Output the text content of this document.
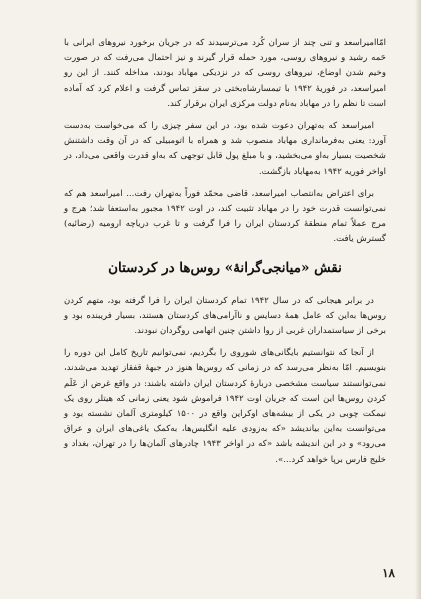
امّاامیراسعد و تنی چند از سران کُرد می‌ترسیدند که در جریان برخورد نیروهای ایرانی با حَمه رشید و نیروهای روسی، مورد حمله قرار گیرند و نیز احتمال می‌رفت که در صورت وخیم شدن اوضاع، نیروهای روسی که در نزدیکی مهاباد بودند، مداخله کنند. از این رو امیراسعد، در فوریهٔ ۱۹۴۲ با تیمسارشاه‌بختی در سقز تماس گرفت و اعلام کرد که آماده است تا نظم را در مهاباد به‌نام دولت مرکزی ایران برقرار کند.

امیراسعد که به‌تهران دعوت شده بود، در این سفر چیزی را که می‌خواست به‌دست آورد: یعنی به‌فرمانداری مهاباد منصوب شد و همراه با اتومبیلی که در آن وقت داشتنش شخصیت بسیار به‌او می‌بخشید، و با مبلغ پول قابل توجهی که به‌او قدرت واقعی می‌داد، در اواخر فوریه ۱۹۴۲ به‌مهاباد بازگشت.

برای اعتراض به‌انتصاب امیراسعد، قاضی محمّد فوراً به‌تهران رفت... امیراسعد هم که نمی‌توانست قدرت خود را در مهاباد تثبیت کند، در اوت ۱۹۴۲ مجبور به‌استعفا شد؛ هرج و مرج عملاً تمام منطقهٔ کردستان ایران را فرا گرفت و تا غرب دریاچه ارومیه (رضائیه) گسترش یافت.

نقش «میانجی‌گرانهٔ» روس‌ها در کردستان

در برابر هیجانی که در سال ۱۹۴۲ تمام کردستان ایران را فرا گرفته بود، متهم کردن روس‌ها به‌این که عامل همهٔ دسایس و ناآرامی‌های کردستان هستند، بسیار فریبنده بود و برخی از سیاستمداران غربی از روا داشتن چنین اتهامی روگردان نبودند.

از آنجا که نتوانستیم بایگانی‌های شوروی را بگردیم، نمی‌توانیم تاریخ کامل این دوره را بنویسیم. امّا به‌نظر می‌رسد که در زمانی که روس‌ها هنوز در جبههٔ قفقاز تهدید می‌شدند، نمی‌توانستند سیاست مشخصی دربارهٔ کردستان ایران داشته باشند: در واقع غرض از عَلَم کردن روس‌ها این است که جریان اوت ۱۹۴۲ فراموش شود یعنی زمانی که هیتلر روی یک نیمکت چوبی در یکی از بیشه‌های اوکراین واقع در ۱۵۰۰ کیلومتری آلمان نشسته بود و می‌توانست به‌این بیاندیشد «که به‌زودی علیه انگلیس‌ها، به‌کمک یاغی‌های ایران و عراق می‌رود» و در این اندیشه باشد «که در اواخر ۱۹۴۳ چادرهای آلمان‌ها را در تهران، بغداد و خلیج فارس برپا خواهد کرد...».

۱۸
